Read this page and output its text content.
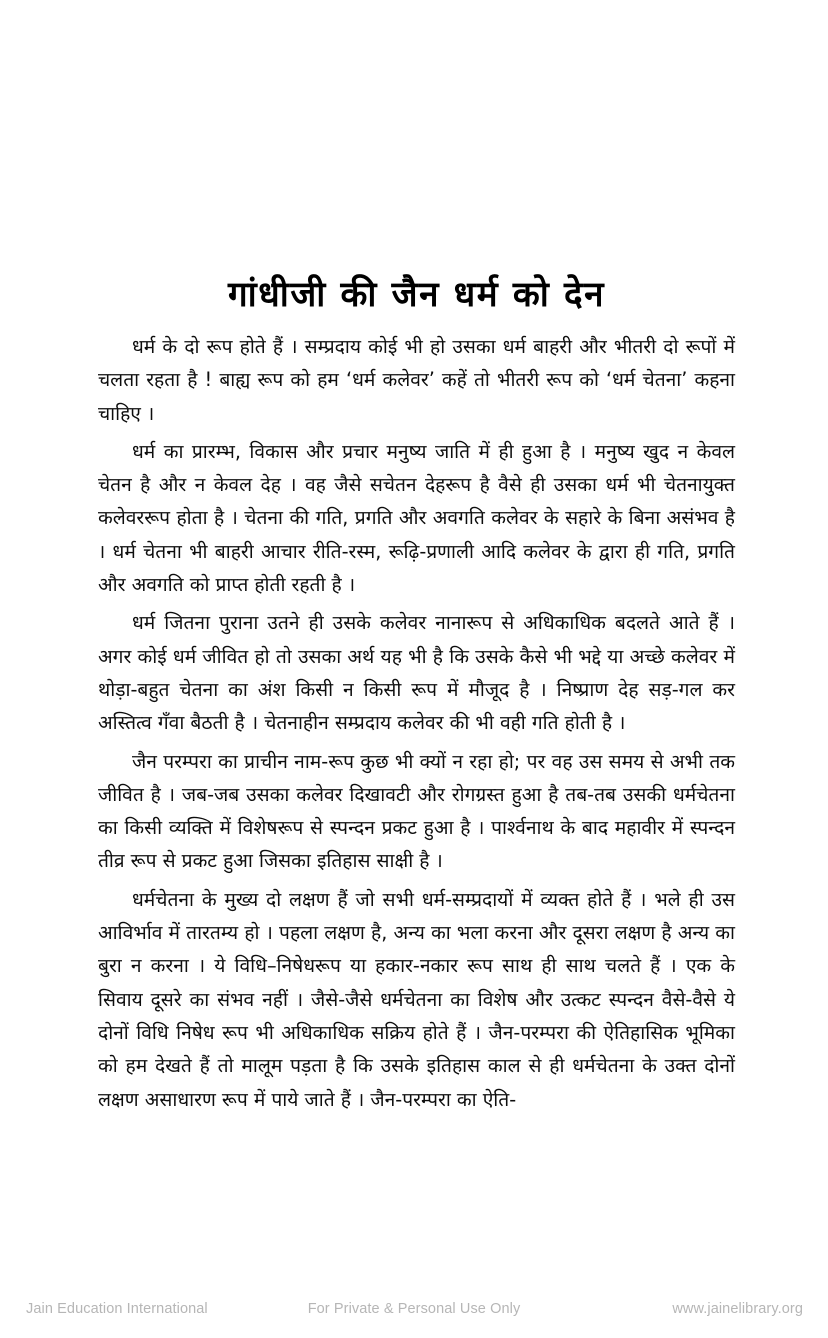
गांधीजी की जैन धर्म को देन

धर्म के दो रूप होते हैं । सम्प्रदाय कोई भी हो उसका धर्म बाहरी और भीतरी दो रूपों में चलता रहता है ! बाह्य रूप को हम ‘धर्म कलेवर’ कहें तो भीतरी रूप को ‘धर्म चेतना’ कहना चाहिए ।

धर्म का प्रारम्भ, विकास और प्रचार मनुष्य जाति में ही हुआ है । मनुष्य खुद न केवल चेतन है और न केवल देह । वह जैसे सचेतन देहरूप है वैसे ही उसका धर्म भी चेतनायुक्त कलेवररूप होता है । चेतना की गति, प्रगति और अवगति कलेवर के सहारे के बिना असंभव है । धर्म चेतना भी बाहरी आचार रीति-रस्म, रूढ़ि-प्रणाली आदि कलेवर के द्वारा ही गति, प्रगति और अवगति को प्राप्त होती रहती है ।

धर्म जितना पुराना उतने ही उसके कलेवर नानारूप से अधिकाधिक बदलते आते हैं । अगर कोई धर्म जीवित हो तो उसका अर्थ यह भी है कि उसके कैसे भी भद्दे या अच्छे कलेवर में थोड़ा-बहुत चेतना का अंश किसी न किसी रूप में मौजूद है । निष्प्राण देह सड़-गल कर अस्तित्व गँवा बैठती है । चेतनाहीन सम्प्रदाय कलेवर की भी वही गति होती है ।

जैन परम्परा का प्राचीन नाम-रूप कुछ भी क्यों न रहा हो; पर वह उस समय से अभी तक जीवित है । जब-जब उसका कलेवर दिखावटी और रोगग्रस्त हुआ है तब-तब उसकी धर्मचेतना का किसी व्यक्ति में विशेषरूप से स्पन्दन प्रकट हुआ है । पार्श्वनाथ के बाद महावीर में स्पन्दन तीव्र रूप से प्रकट हुआ जिसका इतिहास साक्षी है ।

धर्मचेतना के मुख्य दो लक्षण हैं जो सभी धर्म-सम्प्रदायों में व्यक्त होते हैं । भले ही उस आविर्भाव में तारतम्य हो । पहला लक्षण है, अन्य का भला करना और दूसरा लक्षण है अन्य का बुरा न करना । ये विधि–निषेधरूप या हकार-नकार रूप साथ ही साथ चलते हैं । एक के सिवाय दूसरे का संभव नहीं । जैसे-जैसे धर्मचेतना का विशेष और उत्कट स्पन्दन वैसे-वैसे ये दोनों विधि निषेध रूप भी अधिकाधिक सक्रिय होते हैं । जैन-परम्परा की ऐतिहासिक भूमिका को हम देखते हैं तो मालूम पड़ता है कि उसके इतिहास काल से ही धर्मचेतना के उक्त दोनों लक्षण असाधारण रूप में पाये जाते हैं । जैन-परम्परा का ऐति-

Jain Education International	For Private & Personal Use Only	www.jainelibrary.org
